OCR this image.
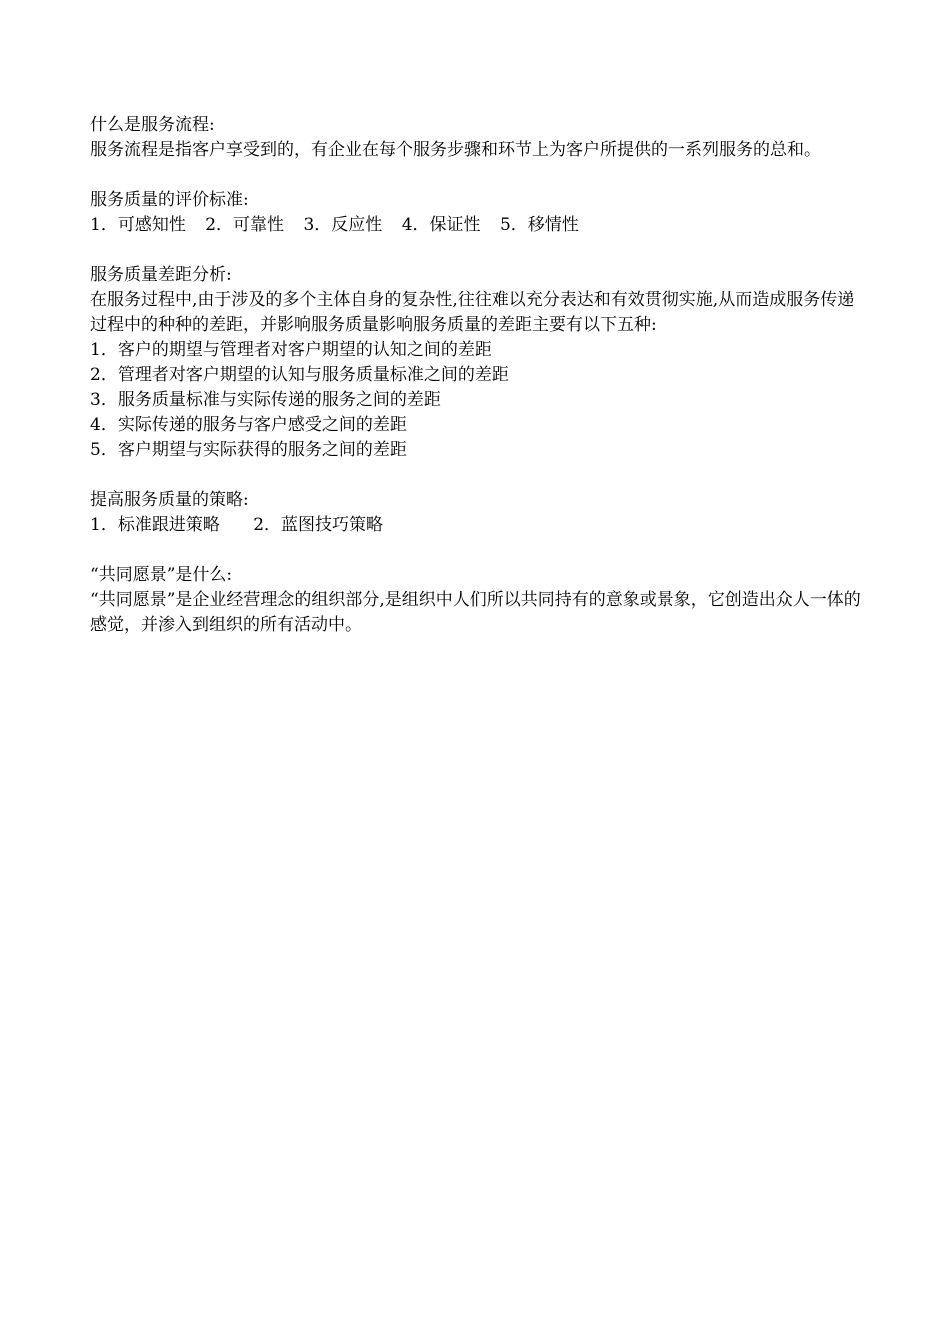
什么是服务流程:
服务流程是指客户享受到的，有企业在每个服务步骤和环节上为客户所提供的一系列服务的总和。
服务质量的评价标准:
1．可感知性 2．可靠性 3．反应性 4．保证性 5．移情性
服务质量差距分析:
在服务过程中,由于涉及的多个主体自身的复杂性,往往难以充分表达和有效贯彻实施,从而造成服务传递过程中的种种的差距，并影响服务质量影响服务质量的差距主要有以下五种:
1．客户的期望与管理者对客户期望的认知之间的差距
2．管理者对客户期望的认知与服务质量标准之间的差距
3．服务质量标准与实际传递的服务之间的差距
4．实际传递的服务与客户感受之间的差距
5．客户期望与实际获得的服务之间的差距
提高服务质量的策略:
1．标准跟进策略 2．蓝图技巧策略
“共同愿景”是什么:
“共同愿景”是企业经营理念的组织部分,是组织中人们所以共同持有的意象或景象，它创造出众人一体的感觉，并渗入到组织的所有活动中。
